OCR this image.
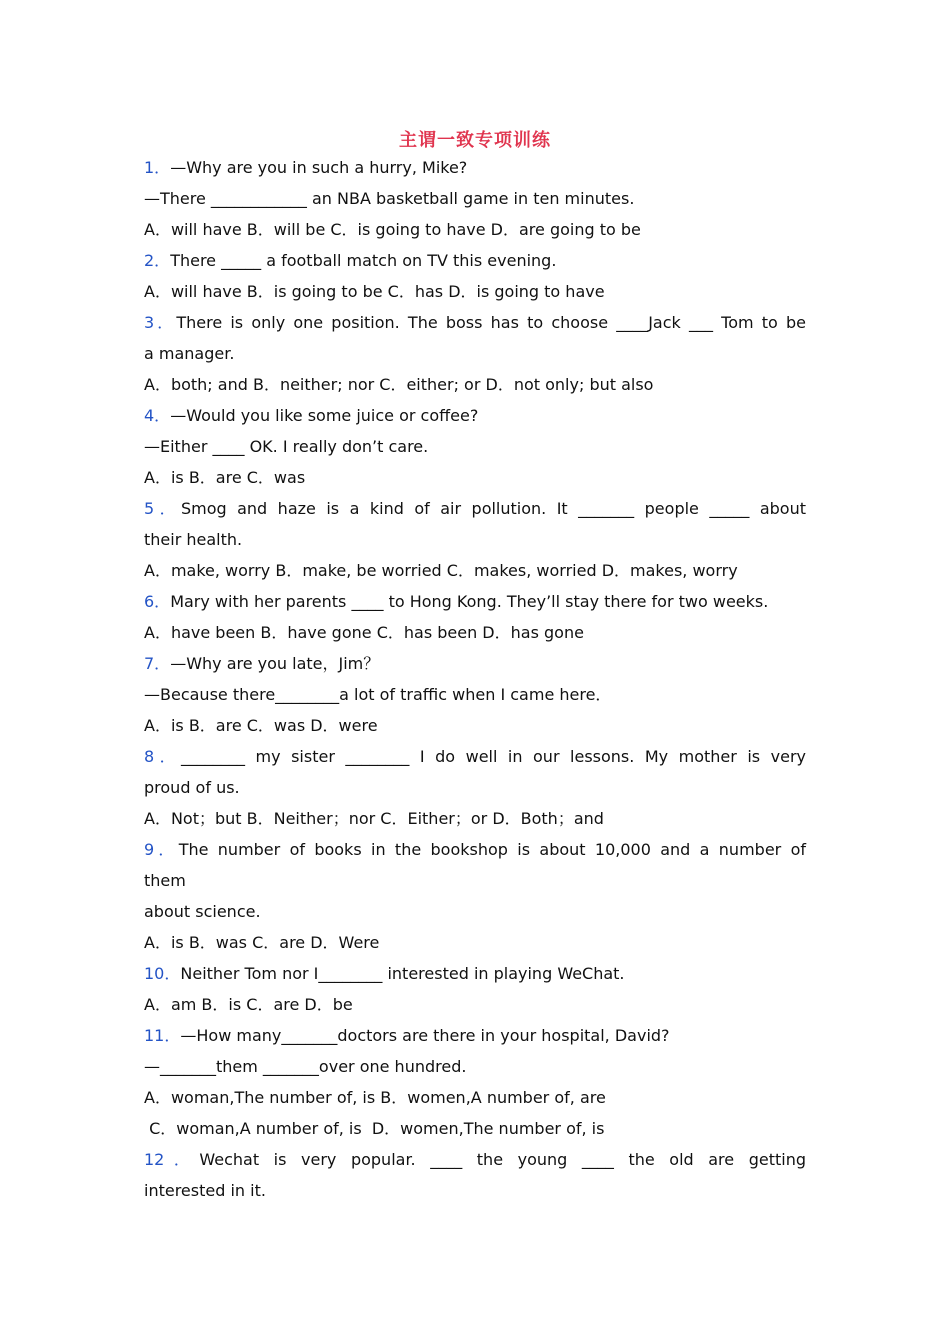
主谓一致专项训练
1．—Why are you in such a hurry, Mike?
—There ____________ an NBA basketball game in ten minutes.
A．will have B．will be C．is going to have D．are going to be
2．There _____ a football match on TV this evening.
A．will have B．is going to be C．has D．is going to have
3．There is only one position. The boss has to choose ____Jack ___ Tom to be
a manager.
A．both; and B．neither; nor C．either; or D．not only; but also
4．—Would you like some juice or coffee?
—Either ____ OK. I really don’t care.
A．is B．are C．was
5．Smog and haze is a kind of air pollution. It _______ people _____ about
their health.
A．make, worry B．make, be worried C．makes, worried D．makes, worry
6．Mary with her parents ____ to Hong Kong. They’ll stay there for two weeks.
A．have been B．have gone C．has been D．has gone
7．—Why are you late，Jim？
—Because there________a lot of traffic when I came here．
A．is B．are C．was D．were
8．________ my sister ________ I do well in our lessons. My mother is very
proud of us.
A．Not；but B．Neither；nor C．Either；or D．Both；and
9．The number of books in the bookshop is about 10,000 and a number of
them
about science.
A．is B．was C．are D．Were
10．Neither Tom nor I________ interested in playing WeChat.
A．am B．is C．are D．be
11．—How many_______doctors are there in your hospital, David?
—_______them _______over one hundred.
A．woman,The number of, is B．women,A number of, are
C．woman,A number of, is  D．women,The number of, is
12．Wechat is very popular. ____ the young ____ the old are getting
interested in it.
